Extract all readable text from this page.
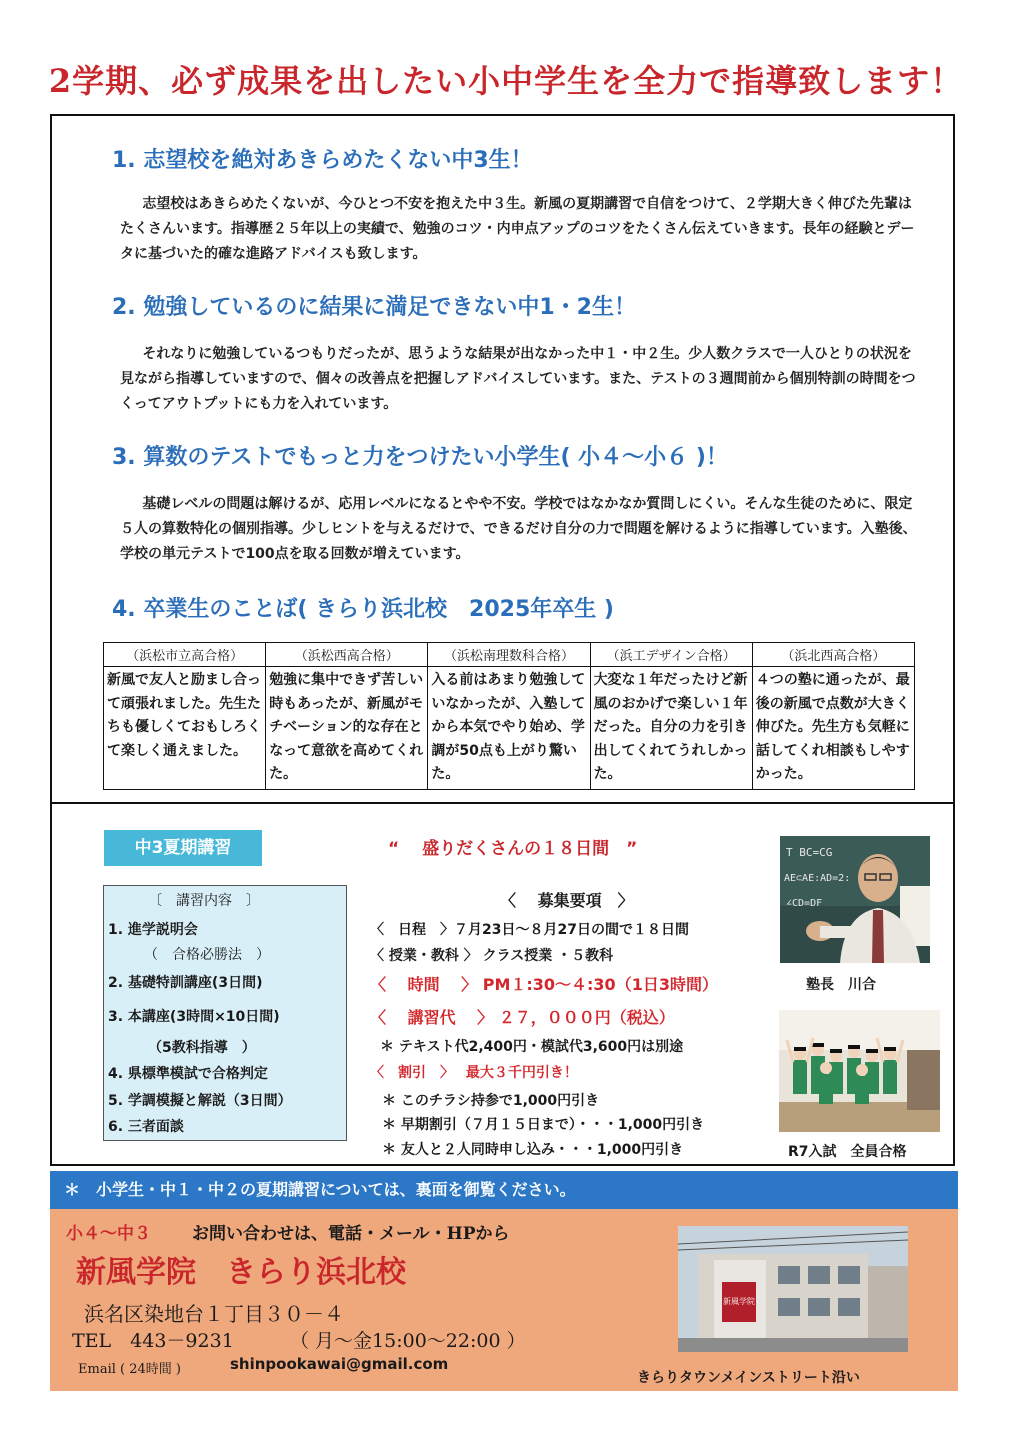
2学期、必ず成果を出したい小中学生を全力で指導致します！
1. 志望校を絶対あきらめたくない中3生！
志望校はあきらめたくないが、今ひとつ不安を抱えた中３生。新風の夏期講習で自信をつけて、２学期大きく伸びた先輩はたくさんいます。指導歴２５年以上の実績で、勉強のコツ・内申点アップのコツをたくさん伝えていきます。長年の経験とデータに基づいた的確な進路アドバイスも致します。
2. 勉強しているのに結果に満足できない中1・2生！
それなりに勉強しているつもりだったが、思うような結果が出なかった中１・中２生。少人数クラスで一人ひとりの状況を見ながら指導していますので、個々の改善点を把握しアドバイスしています。また、テストの３週間前から個別特訓の時間をつくってアウトプットにも力を入れています。
3. 算数のテストでもっと力をつけたい小学生( 小４～小６ )！
基礎レベルの問題は解けるが、応用レベルになるとやや不安。学校ではなかなか質問しにくい。そんな生徒のために、限定５人の算数特化の個別指導。少しヒントを与えるだけで、できるだけ自分の力で問題を解けるように指導しています。入塾後、学校の単元テストで100点を取る回数が増えています。
4. 卒業生のことば( きらり浜北校　2025年卒生 )
（浜松市立高合格）	（浜松西高合格）	（浜松南理数科合格）	（浜工デザイン合格）	（浜北西高合格）
新風で友人と励まし合って頑張れました。先生たちも優しくておもしろくて楽しく通えました。	勉強に集中できず苦しい時もあったが、新風がモチベーション的な存在となって意欲を高めてくれた。	入る前はあまり勉強していなかったが、入塾してから本気でやり始め、学調が50点も上がり驚いた。	大変な１年だったけど新風のおかげで楽しい１年だった。自分の力を引き出してくれてうれしかった。	４つの塾に通ったが、最後の新風で点数が大きく伸びた。先生方も気軽に話してくれ相談もしやすかった。
中3夏期講習	“　 盛りだくさんの１８日間　”
〔　講習内容　〕
1. 進学説明会
（　合格必勝法　）
2. 基礎特訓講座(3日間)
3. 本講座(3時間×10日間)
（5教科指導　）
4. 県標準模試で合格判定
5. 学調模擬と解説（3日間）
6. 三者面談
〈　 募集要項　〉
〈　日程　〉７月23日～８月27日の間で１８日間
〈 授業・教科 〉 クラス授業 ・５教科
〈　 時間　 〉 PM１:30～４:30（1日3時間）
〈　 講習代　 〉 ２７，０００円（税込）
＊ テキスト代2,400円・模試代3,600円は別途
〈　割引　〉　 最大３千円引き！
＊ このチラシ持参で1,000円引き
＊ 早期割引（７月１５日まで）・・・1,000円引き
＊ 友人と２人同時申し込み・・・1,000円引き
T BC=CG
AE⊂AE:AD=2:
∠CD=DF
塾長　川合
R7入試　全員合格
＊　小学生・中１・中２の夏期講習については、裏面を御覧ください。
小４～中３ お問い合わせは、電話・メール・HPから
新風学院　きらり浜北校
浜名区染地台１丁目３０－４
TEL　443－9231	（ 月～金15:00～22:00 ）
Email ( 24時間 )	shinpookawai@gmail.com
新風学院
きらりタウンメインストリート沿い
